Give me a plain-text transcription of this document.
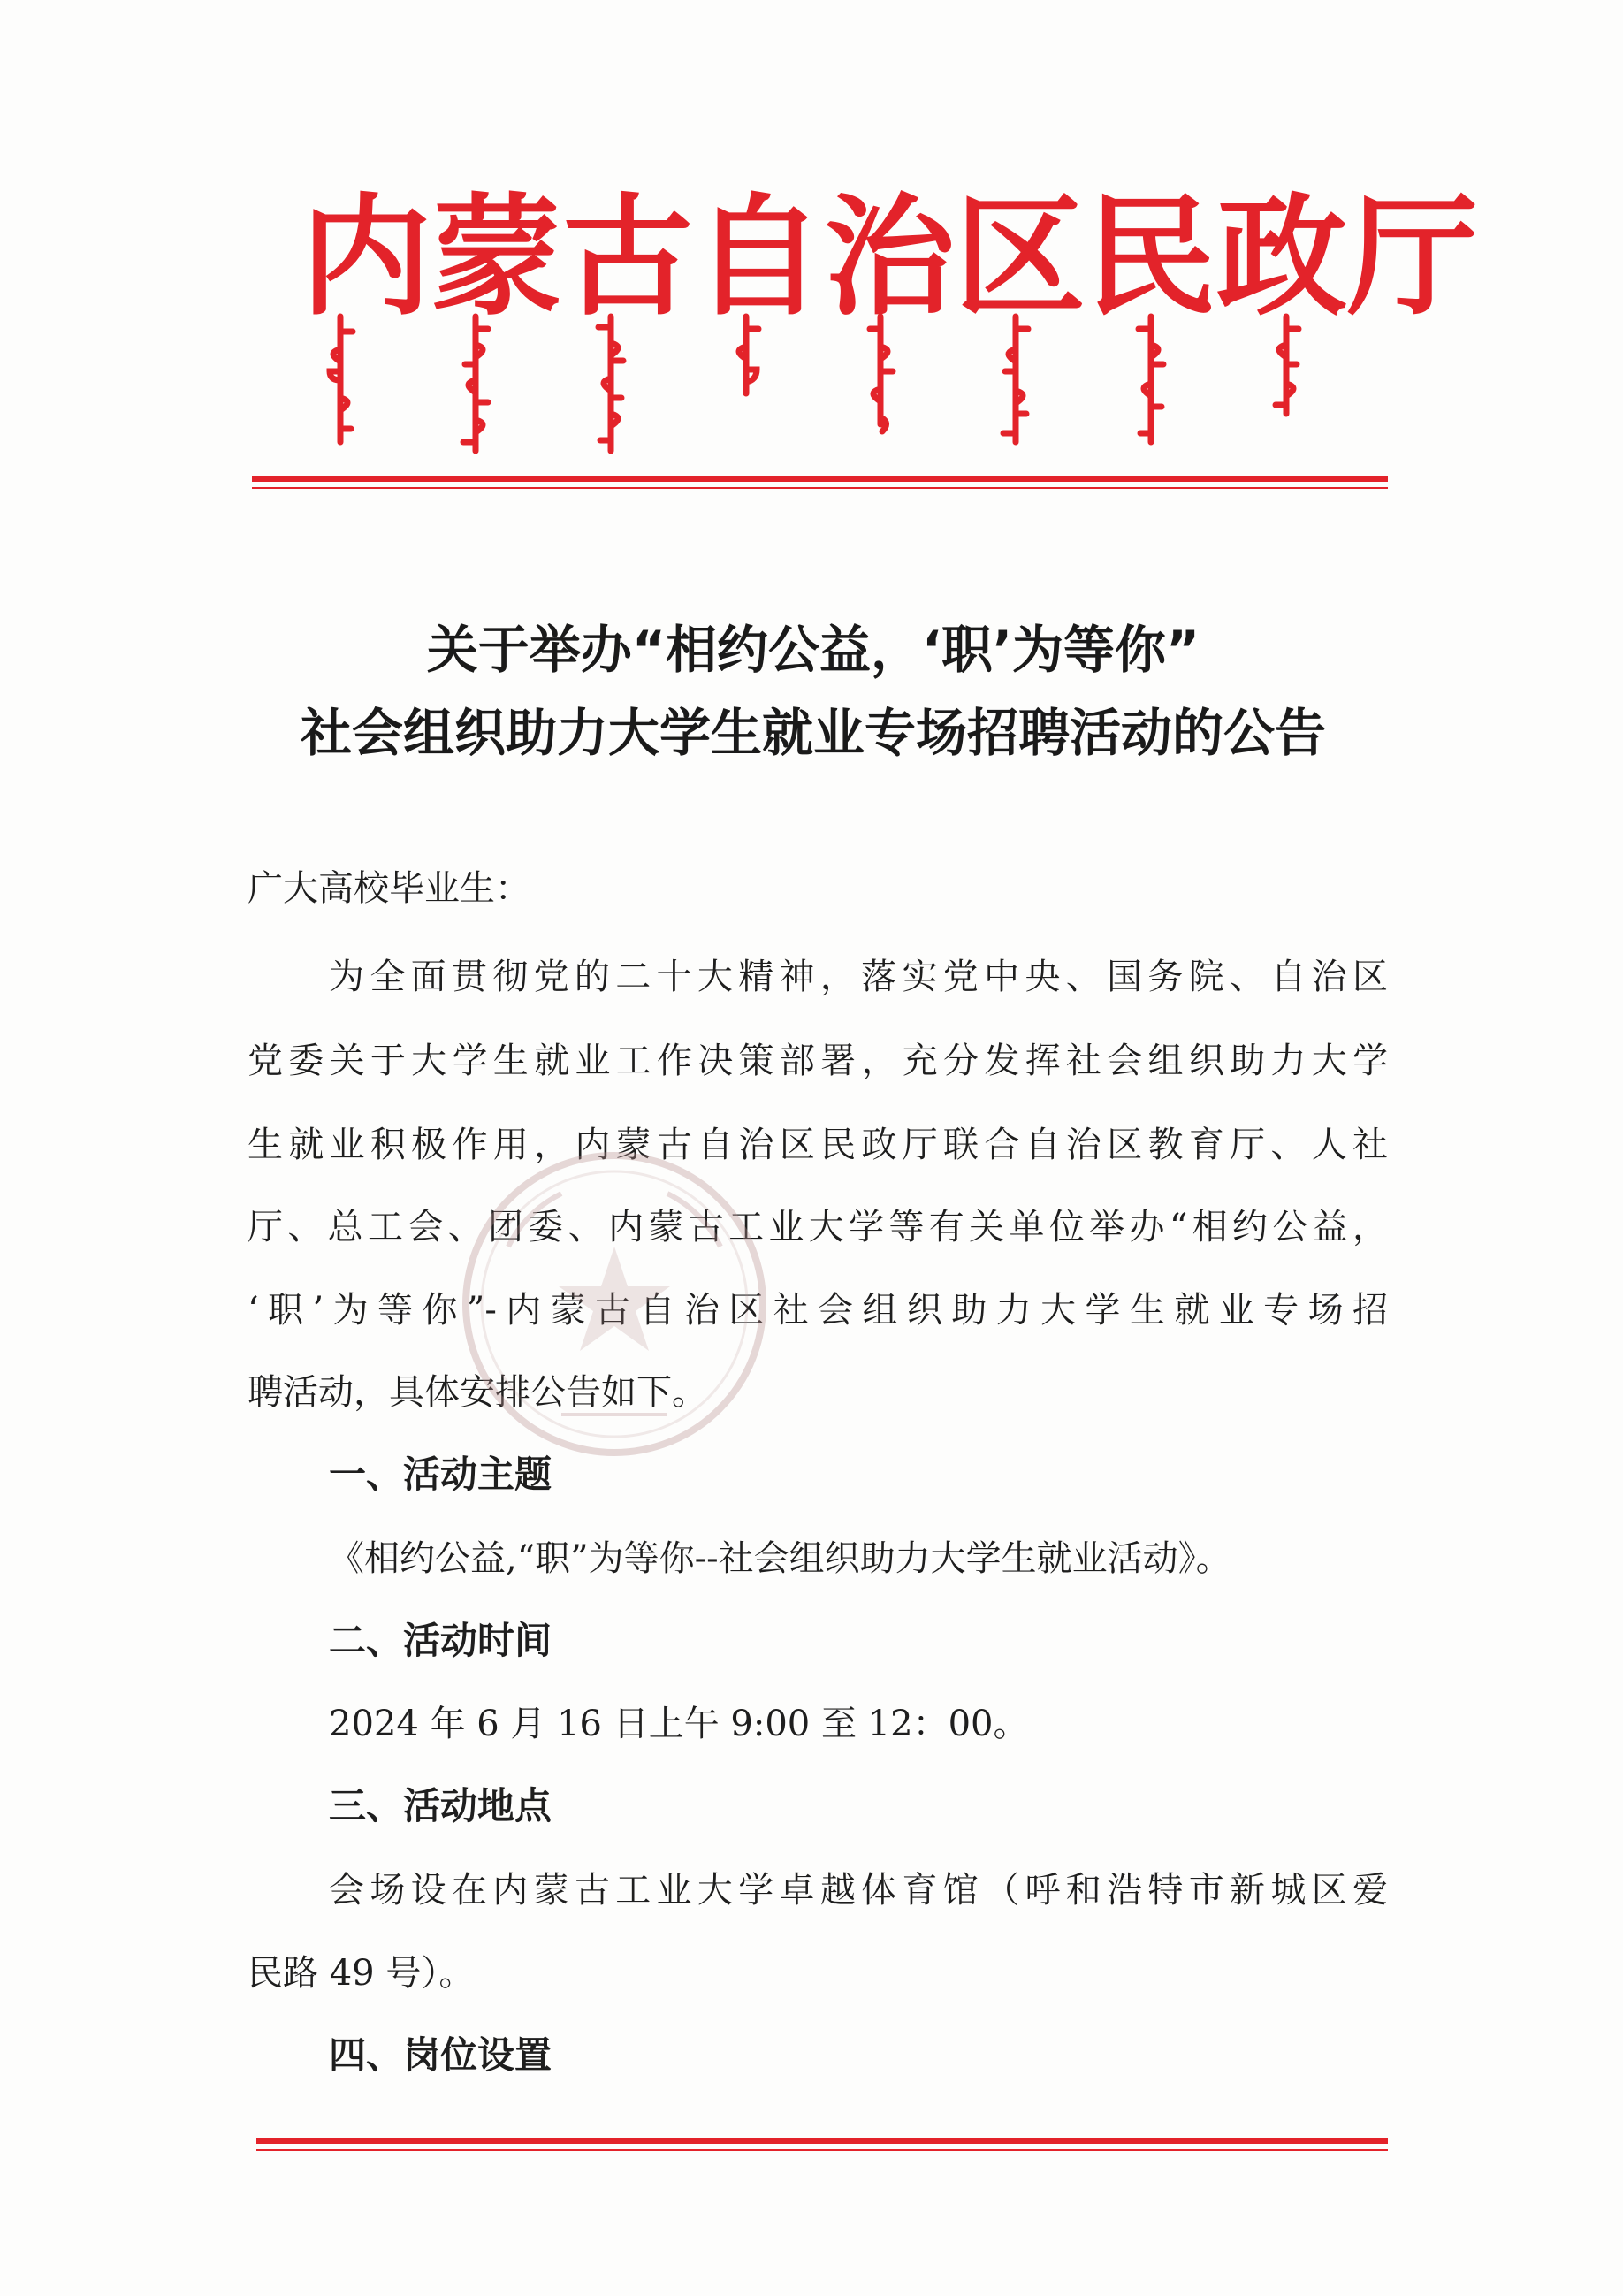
内 蒙 古 自 治 区 民 政 厅
关于举办“相约公益，‘职’为等你”
社会组织助力大学生就业专场招聘活动的公告
广大高校毕业生：
为全面贯彻党的二十大精神，落实党中央、国务院、自治区
党委关于大学生就业工作决策部署，充分发挥社会组织助力大学
生就业积极作用，内蒙古自治区民政厅联合自治区教育厅、人社
厅、总工会、团委、内蒙古工业大学等有关单位举办“相约公益，
‘职’为等你”-内蒙古自治区社会组织助力大学生就业专场招
聘活动，具体安排公告如下。
一、活动主题
《相约公益,“职”为等你--社会组织助力大学生就业活动》。
二、活动时间
2024 年 6 月 16 日上午 9:00 至 12：00。
三、活动地点
会场设在内蒙古工业大学卓越体育馆（呼和浩特市新城区爱
民路 49 号）。
四、岗位设置
